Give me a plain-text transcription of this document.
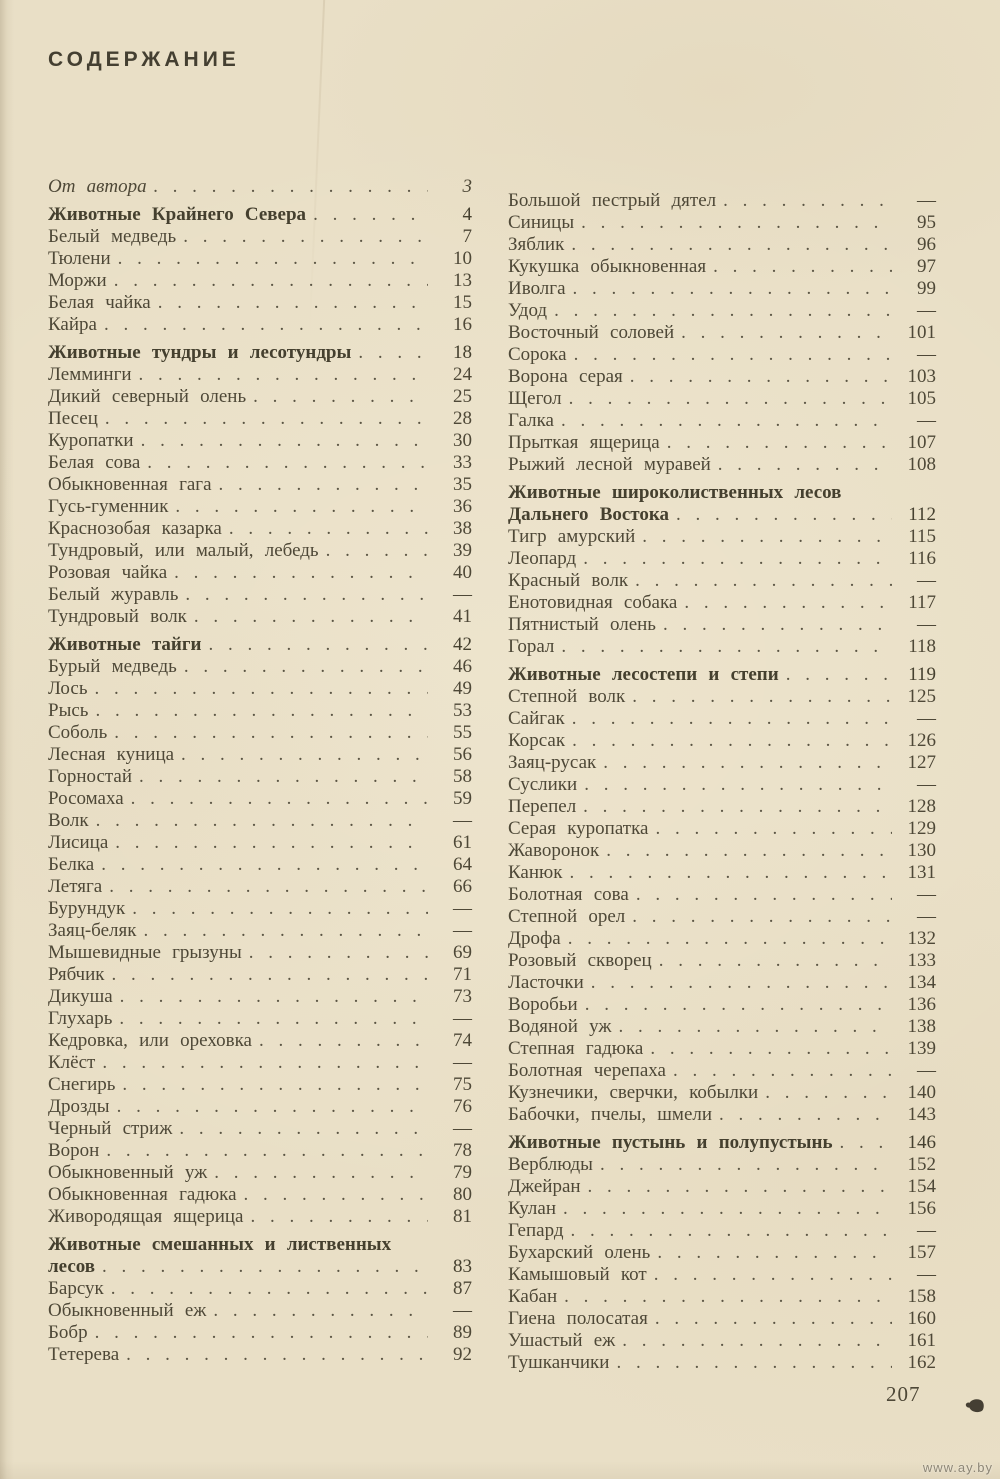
СОДЕРЖАНИЕ
От автора . . .	3
Животные Крайнего Севера . . .	4
Белый медведь . . .	7
Тюлени . . .	10
Моржи . . .	13
Белая чайка . . .	15
Кайра . . .	16
Животные тундры и лесотундры . . .	18
Лемминги . . .	24
Дикий северный олень . . .	25
Песец . . .	28
Куропатки . . .	30
Белая сова . . .	33
Обыкновенная гага . . .	35
Гусь-гуменник . . .	36
Краснозобая казарка . . .	38
Тундровый, или малый, лебедь . . .	39
Розовая чайка . . .	40
Белый журавль . . .	—
Тундровый волк . . .	41
Животные тайги . . .	42
Бурый медведь . . .	46
Лось . . .	49
Рысь . . .	53
Соболь . . .	55
Лесная куница . . .	56
Горностай . . .	58
Росомаха . . .	59
Волк . . .	—
Лисица . . .	61
Белка . . .	64
Летяга . . .	66
Бурундук . . .	—
Заяц-беляк . . .	—
Мышевидные грызуны . . .	69
Рябчик . . .	71
Дикуша . . .	73
Глухарь . . .	—
Кедровка, или ореховка . . .	74
Клёст . . .	—
Снегирь . . .	75
Дрозды . . .	76
Черный стриж . . .	—
Во́рон . . .	78
Обыкновенный уж . . .	79
Обыкновенная гадюка . . .	80
Живородящая ящерица . . .	81
Животные смешанных и лиственных
лесов . . .	83
Барсук . . .	87
Обыкновенный еж . . .	—
Бобр . . .	89
Тетерева . . .	92
Большой пестрый дятел . . .	—
Синицы . . .	95
Зяблик . . .	96
Кукушка обыкновенная . . .	97
Иволга . . .	99
Удод . . .	—
Восточный соловей . . .	101
Сорока . . .	—
Ворона серая . . .	103
Щегол . . .	105
Галка . . .	—
Прыткая ящерица . . .	107
Рыжий лесной муравей . . .	108
Животные широколиственных лесов
Дальнего Востока . . .	112
Тигр амурский . . .	115
Леопард . . .	116
Красный волк . . .	—
Енотовидная собака . . .	117
Пятнистый олень . . .	—
Горал . . .	118
Животные лесостепи и степи . . .	119
Степной волк . . .	125
Сайгак . . .	—
Корсак . . .	126
Заяц-русак . . .	127
Суслики . . .	—
Перепел . . .	128
Серая куропатка . . .	129
Жаворонок . . .	130
Канюк . . .	131
Болотная сова . . .	—
Степной орел . . .	—
Дрофа . . .	132
Розовый скворец . . .	133
Ласточки . . .	134
Воробьи . . .	136
Водяной уж . . .	138
Степная гадюка . . .	139
Болотная черепаха . . .	—
Кузнечики, сверчки, кобылки . . .	140
Бабочки, пчелы, шмели . . .	143
Животные пустынь и полупустынь . . .	146
Верблюды . . .	152
Джейран . . .	154
Кулан . . .	156
Гепард . . .	—
Бухарский олень . . .	157
Камышовый кот . . .	—
Кабан . . .	158
Гиена полосатая . . .	160
Ушастый еж . . .	161
Тушканчики . . .	162
207
www.ay.by
